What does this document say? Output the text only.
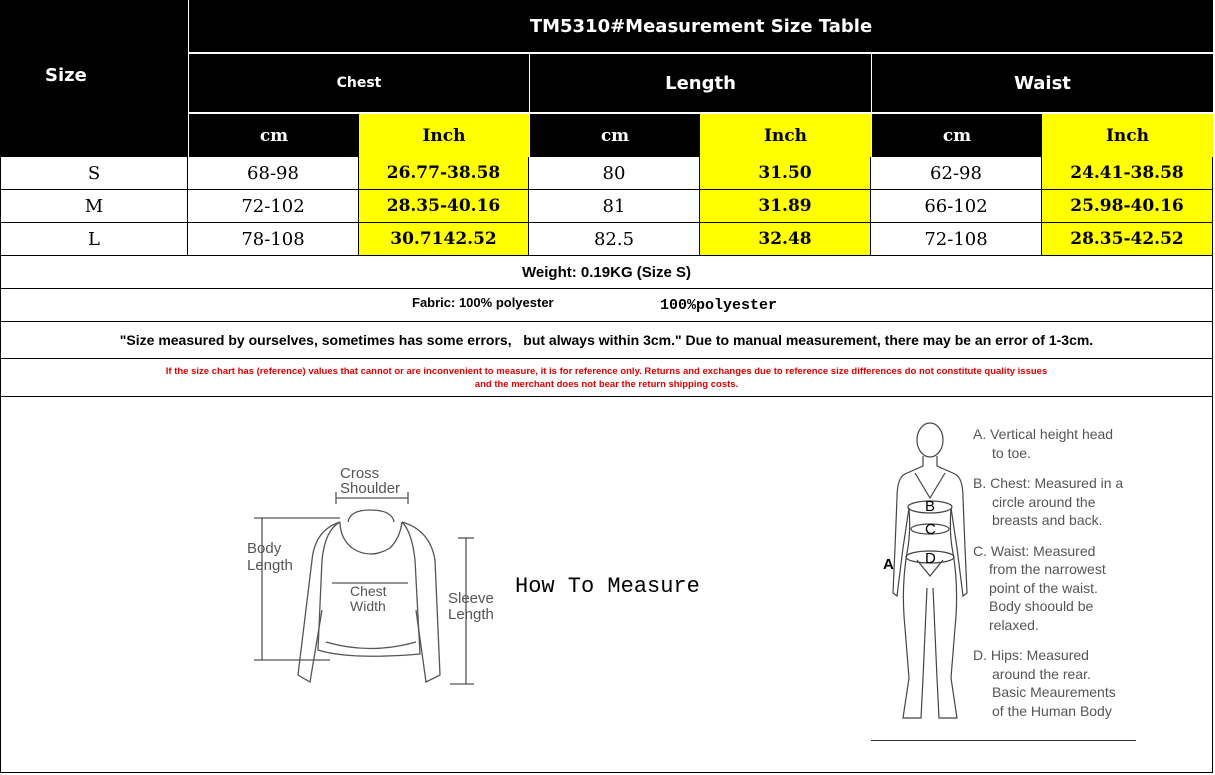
Size
TM5310#Measurement Size Table
Chest	Length	Waist
cm	Inch	cm	Inch	cm	Inch
S	68-98	26.77-38.58	80	31.50	62-98	24.41-38.58
M	72-102	28.35-40.16	81	31.89	66-102	25.98-40.16
L	78-108	30.7142.52	82.5	32.48	72-108	28.35-42.52
Weight: 0.19KG (Size S)
Fabric: 100% polyester	100%polyester
"Size measured by ourselves, sometimes has some errors,   but always within 3cm." Due to manual measurement, there may be an error of 1-3cm.
If the size chart has (reference) values that cannot or are inconvenient to measure, it is for reference only. Returns and exchanges due to reference size differences do not constitute quality issues
and the merchant does not bear the return shipping costs.
Cross
Shoulder
Body
Length
Chest
Width	Sleeve
Length
How To Measure
B
C
D
A
A. Vertical height head
to toe.
B. Chest: Measured in a
circle around the
breasts and back.
C. Waist: Measured
from the narrowest
point of the waist.
Body shoould be
relaxed.
D. Hips: Measured
around the rear.
Basic Meaurements
of the Human Body
